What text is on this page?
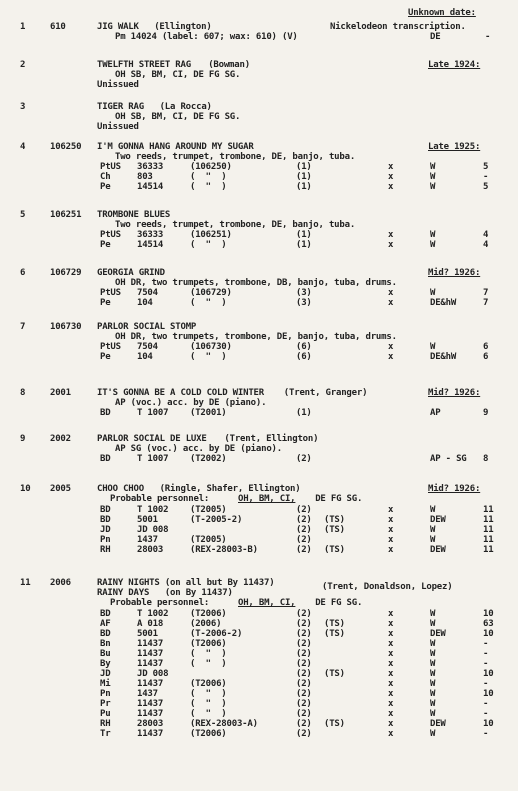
Unknown date:
1	610	JIG WALK (Ellington)	Nickelodeon transcription.
Pm 14024 (label: 607; wax: 610) (V)	DE	-
2	TWELFTH STREET RAG (Bowman)	Late 1924:
OH SB, BM, CI, DE FG SG.
Unissued
3	TIGER RAG (La Rocca)
OH SB, BM, CI, DE FG SG.
Unissued
4	106250 I'M GONNA HANG AROUND MY SUGAR	Late 1925:
Two reeds, trumpet, trombone, DE, banjo, tuba.
PtUS 36333	(106250)	(1)	x	W	5
Ch	803	(  "  )	(1)	x	W	-
Pe	14514	(  "  )	(1)	x	W	5
5	106251 TROMBONE BLUES
Two reeds, trumpet, trombone, DE, banjo, tuba.
PtUS 36333	(106251)	(1)	x	W	4
Pe	14514	(  "  )	(1)	x	W	4
6	106729 GEORGIA GRIND	Mid? 1926:
OH DR, two trumpets, trombone, DB, banjo, tuba, drums.
PtUS 7504	(106729)	(3)	x	W	7
Pe	104	(  "  )	(3)	x	DE&hW	7
7	106730 PARLOR SOCIAL STOMP
OH DR, two trumpets, trombone, DE, banjo, tuba, drums.
PtUS 7504	(106730)	(6)	x	W	6
Pe	104	(  "  )	(6)	x	DE&hW	6
8	2001	IT'S GONNA BE A COLD COLD WINTER (Trent, Granger)	Mid? 1926:
AP (voc.) acc. by DE (piano).
BD	T 1007 (T2001)	(1)	AP	9
9	2002	PARLOR SOCIAL DE LUXE (Trent, Ellington)
AP SG (voc.) acc. by DE (piano).
BD	T 1007 (T2002)	(2)	AP - SG 8
10 2005	CHOO CHOO (Ringle, Shafer, Ellington)	Mid? 1926:
Probable personnel:	OH, BM, CI, DE FG SG.
BD	T 1002 (T2005)	(2)	x	W	11
BD	5001	(T-2005-2)	(2) (TS)	x	DEW	11
JD	JD 008	(2) (TS)	x	W	11
Pn	1437	(T2005)	(2)	x	W	11
RH	28003	(REX-28003-B)	(2) (TS)	x	DEW	11
11 2006	RAINY NIGHTS (on all but By 11437)	(Trent, Donaldson, Lopez)
RAINY DAYS   (on By 11437)
Probable personnel:	OH, BM, CI, DE FG SG.
BD	T 1002 (T2006)	(2)	x	W	10
AF	A 018	(2006)	(2) (TS)	x	W	63
BD	5001	(T-2006-2)	(2) (TS)	x	DEW	10
Bn	11437	(T2006)	(2)	x	W	-
Bu	11437	(  "  )	(2)	x	W	-
By	11437	(  "  )	(2)	x	W	-
JD	JD 008	(2) (TS)	x	W	10
Mi	11437	(T2006)	(2)	x	W	-
Pn	1437	(  "  )	(2)	x	W	10
Pr	11437	(  "  )	(2)	x	W	-
Pu	11437	(  "  )	(2)	x	W	-
RH	28003	(REX-28003-A)	(2) (TS)	x	DEW	10
Tr	11437	(T2006)	(2)	x	W	-
